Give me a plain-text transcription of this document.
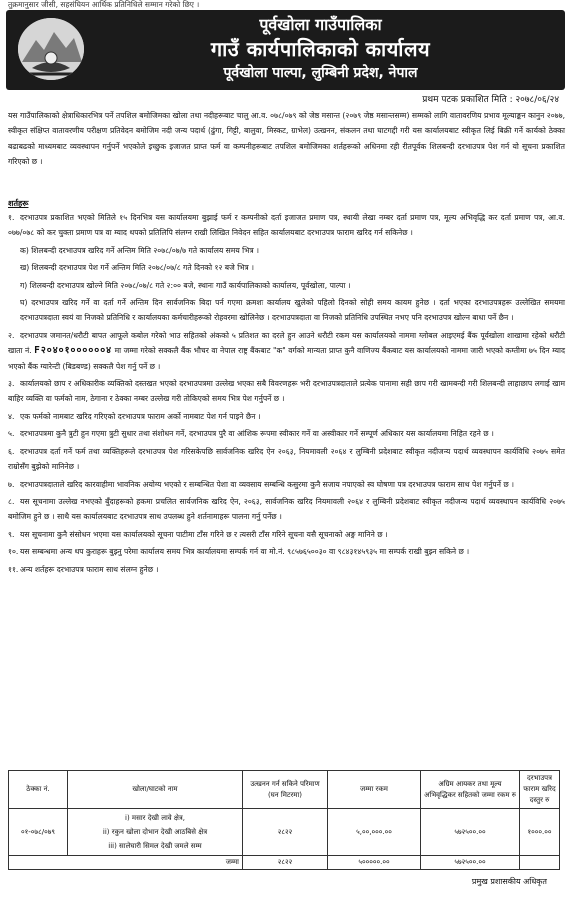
तुक्रमानुसार जीसी, सहसंघियन आर्थिक प्रतिनिधिले सम्मान गरेको छिए ।
पूर्वखोला गाउँपालिका
गाउँ कार्यपालिकाको कार्यालय
पूर्वखोला पाल्पा, लुम्बिनी प्रदेश, नेपाल
प्रथम पटक प्रकाशित मिति : २०७८/०६/२४
यस गाउँपालिकाको क्षेत्राधिकारभित्र पर्ने तपशिल बमोजिमका खोला तथा नदीहरूबाट चालु आ.व. ०७८/०७९ को जेष्ठ मसान्त (२०७९ जेष्ठ मसान्तसम्म) सम्मको लागि वातावरणिय प्रभाव मूल्याङ्कन कानुन २०७७, स्वीकृत संक्षिप्त वातावरणीय परीक्षण प्रतिवेदन बमोजिम नदी जन्य पदार्थ (ढुंगा, गिट्टी, बालुवा, मिस्कट, ग्राभेल) उत्खनन, संकलन तथा घाटगद्दी गरी यस कार्यालयबाट स्वीकृत लिई बिक्री गर्ने कार्यको ठेक्का बढाबढको माध्यमबाट व्यवस्थापन गर्नुपर्ने भएकोले इच्छुक इजाजत प्राप्त फर्म वा कम्पनीहरूबाट तपशिल बमोजिमका शर्तहरूको अधिनमा रही रीतपूर्वक शिलबन्दी दरभाउपत्र पेश गर्न यो सूचना प्रकाशित गरिएको छ ।
शर्तहरू
१. दरभाउपत्र प्रकाशित भएको मितिले १५ दिनभित्र यस कार्यालयमा बुझाई फर्म र कम्पनीको दर्ता इजाजत प्रमाण पत्र, स्थायी लेखा नम्बर दर्ता प्रमाण पत्र, मूल्य अभिवृद्धि कर दर्ता प्रमाण पत्र, आ.व. ०७७/०७८ को कर चुक्ता प्रमाण पत्र वा म्याद थपको प्रतिलिपि संलग्न राखी लिखित निवेदन सहित कार्यालयबाट दरभाउपत्र फाराम खरिद गर्न सकिनेछ ।
क) शिलबन्दी दरभाउपत्र खरिद गर्ने अन्तिम मिति २०७८/०७/७ गते कार्यालय समय भित्र ।
ख) शिलबन्दी दरभाउपत्र पेश गर्ने अन्तिम मिति २०७८/०७/८ गते दिनको १२ बजे भित्र ।
ग) शिलबन्दी दरभाउपत्र खोल्ने मिति २०७८/०७/८ गते २:०० बजे, स्थानः गाउँ कार्यपालिकाको कार्यालय, पूर्वखोला, पाल्पा ।
घ) दरभाउपत्र खरिद गर्ने वा दर्ता गर्ने अन्तिम दिन सार्वजनिक बिदा पर्न गएमा क्रमशः कार्यालय खुलेको पहिलो दिनको सोही समय कायम हुनेछ । दर्ता भएका दरभाउपत्रहरू उल्लेखित समयमा दरभाउपत्रदाता स्वयं वा निजको प्रतिनिधि र कार्यालयका कर्मचारीहरूको रोहवरमा खोलिनेछ । दरभाउपत्रदाता वा निजको प्रतिनिधि उपस्थित नभए पनि दरभाउपत्र खोल्न बाधा पर्ने छैन ।
२. दरभाउपत्र जमानत/धरौटी बापत आफूले कबोल गरेको भाउ सहितको अंकको ५ प्रतिशत का दरले हुन आउने धरौटी रकम यस कार्यालयको नाममा ग्लोबल आइएमई बैंक पूर्वखोला शाखामा रहेको धरौटी खाता नं. F२०४०१००००००४ मा जम्मा गरेको सक्कलै बैंक भौचर वा नेपाल राष्ट्र बैंकबाट "क" वर्गको मान्यता प्राप्त कुनै वाणिज्य बैंकबाट यस कार्यालयको नाममा जारी भएको कम्तीमा ७५ दिन म्याद भएको बैंक ग्यारेन्टी (बिडबण्ड) सक्कलै पेश गर्नु पर्ने छ ।
३. कार्यालयको छाप र अधिकारीक व्यक्तिको दस्तखत भएको दरभाउपत्रमा उल्लेख भएका सबै विवरणहरू भरी दरभाउपत्रदाताले प्रत्येक पानामा सही छाप गरी खामबन्दी गरी शिलबन्दी लाहाछाप लगाई खाम बाहिर व्यक्ति वा फर्मको नाम, ठेगाना र ठेक्का नम्बर उल्लेख गरी तोकिएको समय भित्र पेश गर्नुपर्ने छ ।
४. एक फर्मको नामबाट खरिद गरिएको दरभाउपत्र फाराम अर्को नामबाट पेश गर्न पाइने छैन ।
५. दरभाउपत्रमा कुनै त्रुटी हुन गएमा त्रुटी सुधार तथा संशोधन गर्ने, दरभाउपत्र पुरै वा आंशिक रूपमा स्वीकार गर्ने वा अस्वीकार गर्ने सम्पूर्ण अधिकार यस कार्यालयमा निहित रहने छ ।
६. दरभाउपत्र दर्ता गर्ने फर्म तथा व्यक्तिहरूले दरभाउपत्र पेश गरिसकेपछि सार्वजनिक खरिद ऐन २०६३, नियमावली २०६४ र लुम्बिनी प्रदेशबाट स्वीकृत नदीजन्य पदार्थ व्यवस्थापन कार्यविधि २०७५ समेत राम्रोसँग बुझेको मानिनेछ ।
७. दरभाउपत्रदाताले खरिद कारवाहीमा भावनिक अयोग्य भएको र सम्बन्धित पेशा वा व्यवसाय सम्बन्धि कसुरमा कुनै सजाय नपाएको स्व घोषणा पत्र दरभाउपत्र फाराम साथ पेश गर्नुपर्ने छ ।
८. यस सूचनामा उल्लेख नभएको बुँदाहरूको हकमा प्रचलित सार्वजनिक खरिद ऐन, २०६३, सार्वजनिक खरिद नियमावली २०६४ र लुम्बिनी प्रदेशबाट स्वीकृत नदीजन्य पदार्थ व्यवस्थापन कार्यविधि २०७५ बमोजिम हुने छ । साथै यस कार्यालयबाट दरभाउपत्र साथ उपलब्ध हुने शर्तनामाहरू पालना गर्नु पर्नेछ ।
९. यस सूचनामा कुनै संसोधन भएमा यस कार्यालयको सूचना पाटीमा टाँस गरिने छ र त्यसरी टाँस गरिने सूचना यसै सूचनाको अङ्ग मानिने छ ।
१०. यस सम्बन्धमा अन्य थप कुराहरू बुझ्नु परेमा कार्यालय समय भित्र कार्यालयमा सम्पर्क गर्न वा मो.नं. ९८५७६५००३० वा ९८४३१४५९३५ मा सम्पर्क राखी बुझ्न सकिने छ ।
११. अन्य शर्तहरू दरभाउपत्र फाराम साथ संलग्न हुनेछ ।
ठेक्का नं.	खोला/घाटको नाम	उत्खनन गर्न सकिने परिमाण (घन मिटरमा)	जम्मा रकम	अग्रिम आयकर तथा मूल्य अभिवृद्धिकर सहितको जम्मा रकम रु	दरभाउपत्र फाराम खरिद दस्तुर रु
०१-०७८/०७९	i) मसार देखी लावे क्षेत्र,
ii) रकुन खोला दोभान देखी आठबिसे क्षेत्र
iii) सालेघारी सिमल देखी जमले सम्म	२८२२	५,००,०००.००	५७२५००.००	१०००.००
जम्मा		२८२२	५०००००.००	५७२५००.००	
प्रमुख प्रशासकीय अधिकृत
